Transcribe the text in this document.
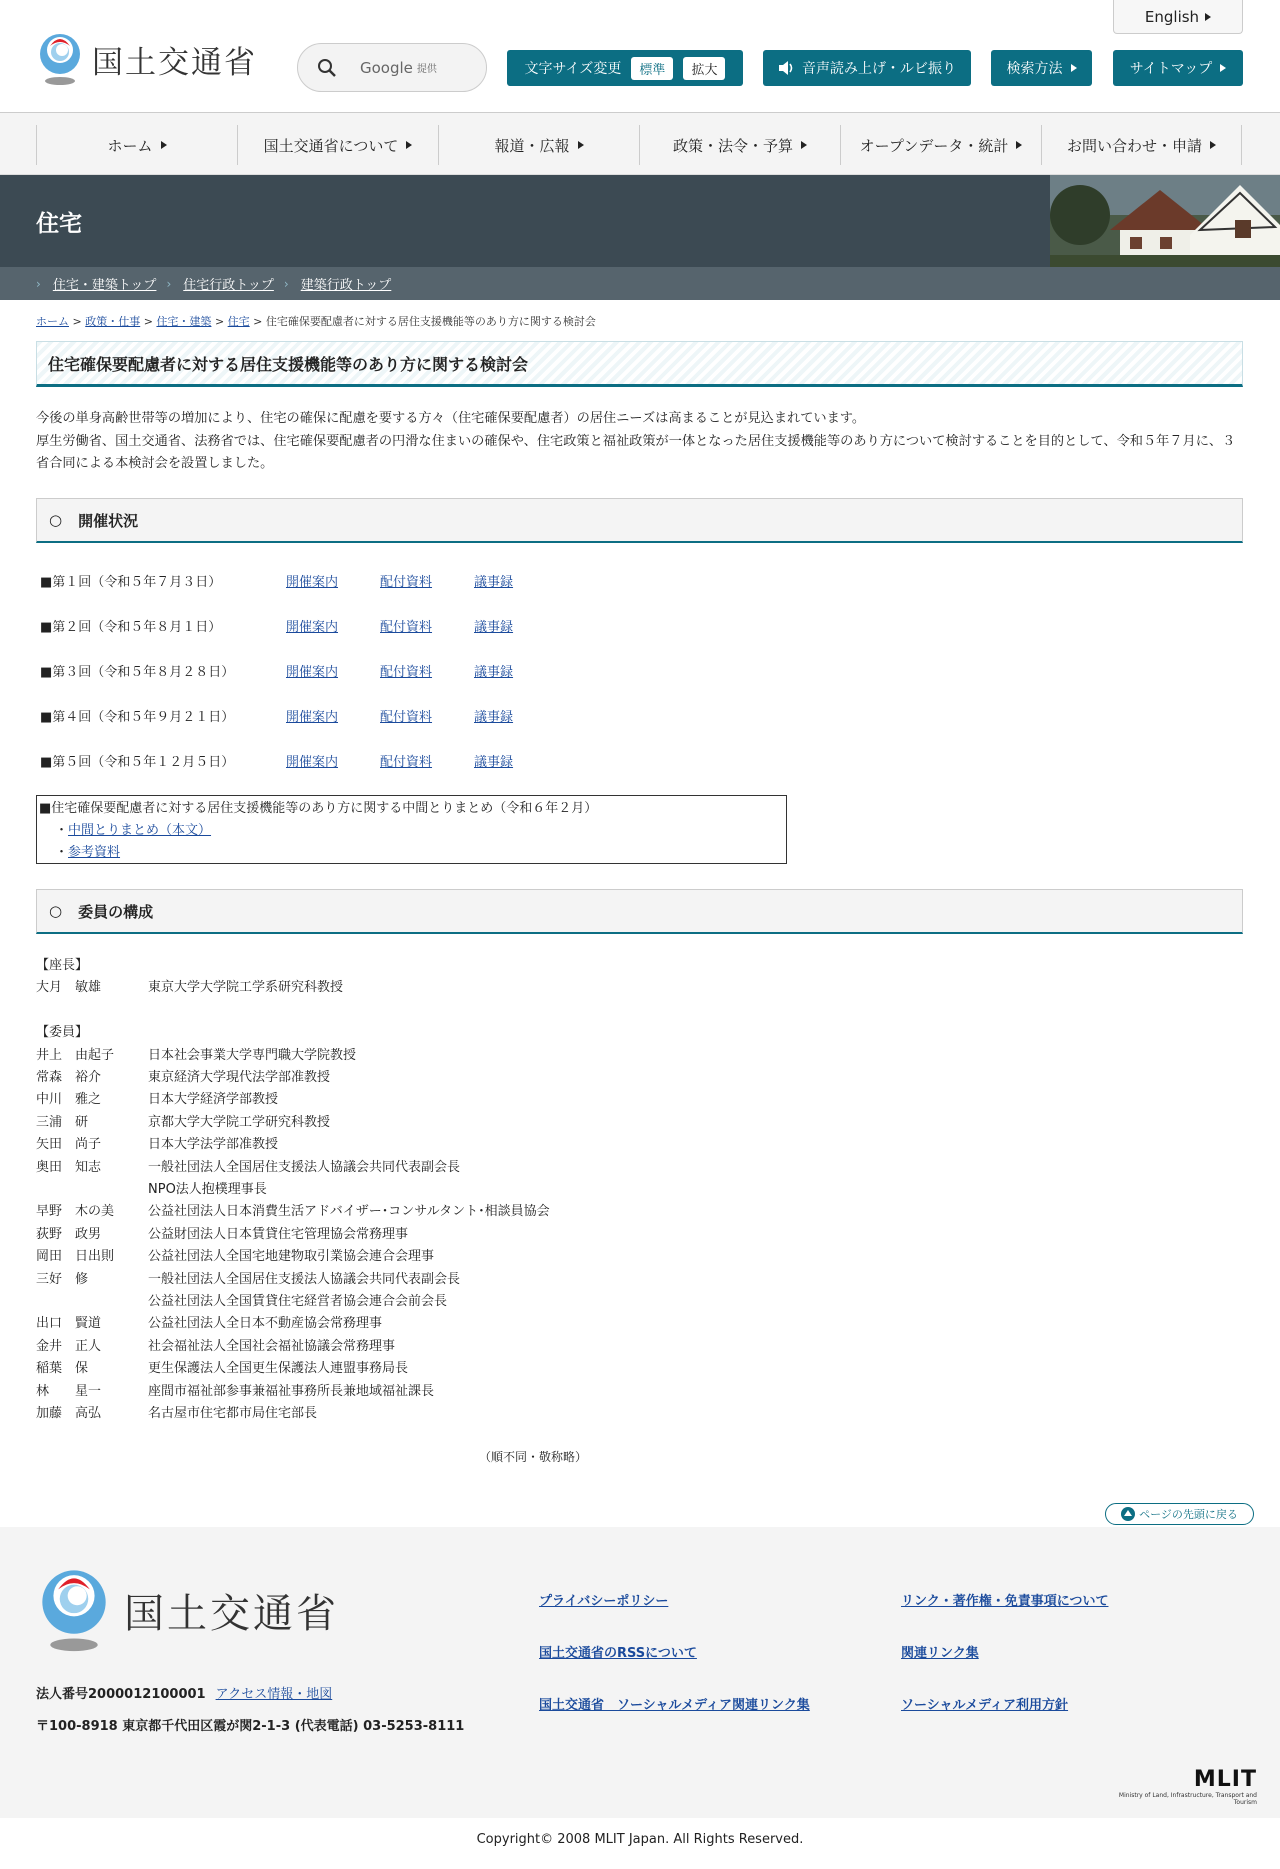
国土交通省	Google 提供
English
文字サイズ変更	標準	拡大	音声読み上げ・ルビ振り	検索方法	サイトマップ
ホーム	国土交通省について	報道・広報	政策・法令・予算	オープンデータ・統計	お問い合わせ・申請
住宅
› 住宅・建築トップ › 住宅行政トップ › 建築行政トップ
ホーム > 政策・仕事 > 住宅・建築 > 住宅 > 住宅確保要配慮者に対する居住支援機能等のあり方に関する検討会
住宅確保要配慮者に対する居住支援機能等のあり方に関する検討会

今後の単身高齢世帯等の増加により、住宅の確保に配慮を要する方々（住宅確保要配慮者）の居住ニーズは高まることが見込まれています。

厚生労働省、国土交通省、法務省では、住宅確保要配慮者の円滑な住まいの確保や、住宅政策と福祉政策が一体となった居住支援機能等のあり方について検討することを目的として、令和５年７月に、３省合同による本検討会を設置しました。

○ 開催状況
■第１回（令和５年７月３日）	開催案内	配付資料	議事録
■第２回（令和５年８月１日）	開催案内	配付資料	議事録
■第３回（令和５年８月２８日）	開催案内	配付資料	議事録
■第４回（令和５年９月２１日）	開催案内	配付資料	議事録
■第５回（令和５年１２月５日）	開催案内	配付資料	議事録
■住宅確保要配慮者に対する居住支援機能等のあり方に関する中間とりまとめ（令和６年２月）
・中間とりまとめ（本文）
・参考資料
○ 委員の構成
【座長】
大月　敏雄	東京大学大学院工学系研究科教授
【委員】
井上　由起子	日本社会事業大学専門職大学院教授
常森　裕介	東京経済大学現代法学部准教授
中川　雅之	日本大学経済学部教授
三浦　研	京都大学大学院工学研究科教授
矢田　尚子	日本大学法学部准教授
奥田　知志	一般社団法人全国居住支援法人協議会共同代表副会長
NPO法人抱樸理事長
早野　木の美	公益社団法人日本消費生活アドバイザー･コンサルタント･相談員協会
荻野　政男	公益財団法人日本賃貸住宅管理協会常務理事
岡田　日出則	公益社団法人全国宅地建物取引業協会連合会理事
三好　修	一般社団法人全国居住支援法人協議会共同代表副会長
公益社団法人全国賃貸住宅経営者協会連合会前会長
出口　賢道	公益社団法人全日本不動産協会常務理事
金井　正人	社会福祉法人全国社会福祉協議会常務理事
稲葉　保	更生保護法人全国更生保護法人連盟事務局長
林　　星一	座間市福祉部参事兼福祉事務所長兼地域福祉課長
加藤　高弘	名古屋市住宅都市局住宅部長
（順不同・敬称略）
ページの先頭に戻る
国土交通省
法人番号2000012100001 アクセス情報・地図
〒100-8918 東京都千代田区霞が関2-1-3 (代表電話) 03-5253-8111
プライバシーポリシー	リンク・著作権・免責事項について
国土交通省のRSSについて	関連リンク集
国土交通省　ソーシャルメディア関連リンク集	ソーシャルメディア利用方針
MLIT
Ministry of Land, Infrastructure, Transport and Tourism
Copyright© 2008 MLIT Japan. All Rights Reserved.
